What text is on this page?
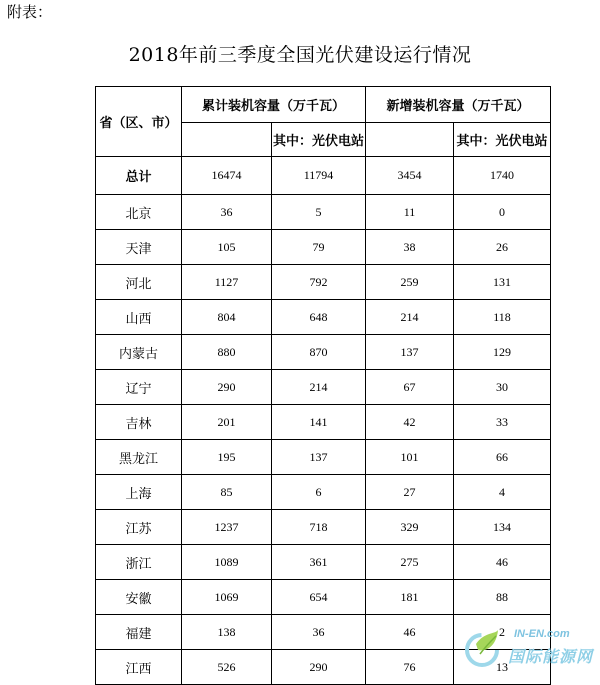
附表：
2018年前三季度全国光伏建设运行情况
省（区、市）	累计装机容量（万千瓦）		新增装机容量（万千瓦）	
		其中：光伏电站		其中：光伏电站
总计	16474	11794	3454	1740
北京	36	5	11	0
天津	105	79	38	26
河北	1127	792	259	131
山西	804	648	214	118
内蒙古	880	870	137	129
辽宁	290	214	67	30
吉林	201	141	42	33
黑龙江	195	137	101	66
上海	85	6	27	4
江苏	1237	718	329	134
浙江	1089	361	275	46
安徽	1069	654	181	88
福建	138	36	46	2
江西	526	290	76	13
IN-EN.com
国际能源网
